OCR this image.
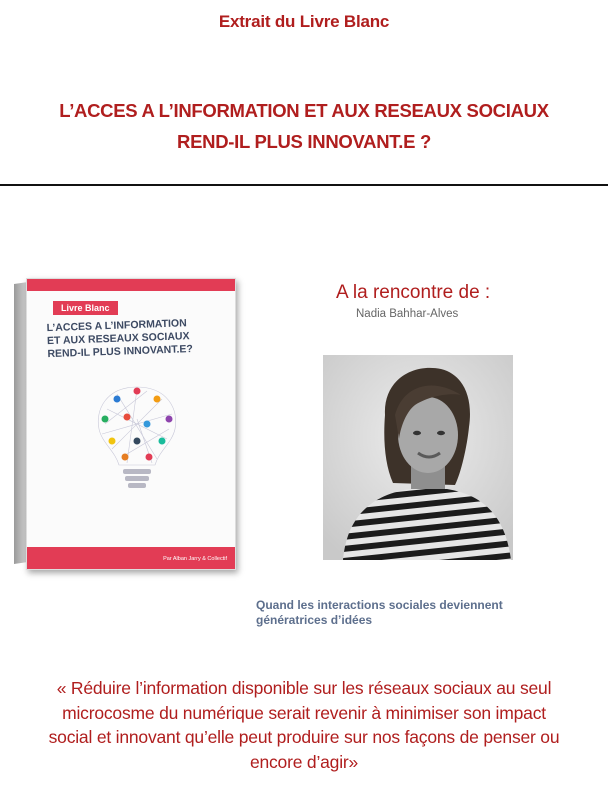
Extrait du Livre Blanc
L’ACCES A L’INFORMATION ET AUX RESEAUX SOCIAUX
REND-IL PLUS INNOVANT.E ?
Livre Blanc
L’ACCES A L’INFORMATION
ET AUX RESEAUX SOCIAUX
REND-IL PLUS INNOVANT.E?
Par Alban Jarry & Collectif
A la rencontre de :
Nadia Bahhar-Alves
Quand les interactions sociales deviennent
génératrices d’idées
« Réduire l’information disponible sur les réseaux sociaux au seul
microcosme du numérique serait revenir à minimiser son impact
social et innovant qu’elle peut produire sur nos façons de penser ou
encore d’agir»
